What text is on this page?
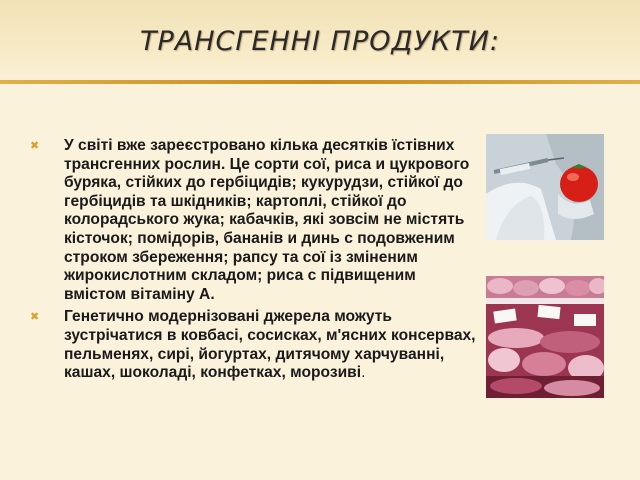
ТРАНСГЕННІ ПРОДУКТИ:
✖ У світі вже зареєстровано кілька десятків їстівних трансгенних рослин. Це сорти сої, риса и цукрового буряка, стійких до гербіцидів; кукурудзи, стійкої до гербіцидів та шкідників; картоплі, стійкої до колорадського жука; кабачків, які зовсім не містять кісточок; помідорів, бананів и динь с подовженим строком збереження; рапсу та сої із зміненим жирокислотним складом; риса с підвищеним вмістом вітаміну А.
✖ Генетично модернізовані джерела можуть зустрічатися в ковбасі, сосисках, м'ясних консервах, пельменях, сирі, йогуртах, дитячому харчуванні, кашах, шоколаді, конфетках, морозиві.
